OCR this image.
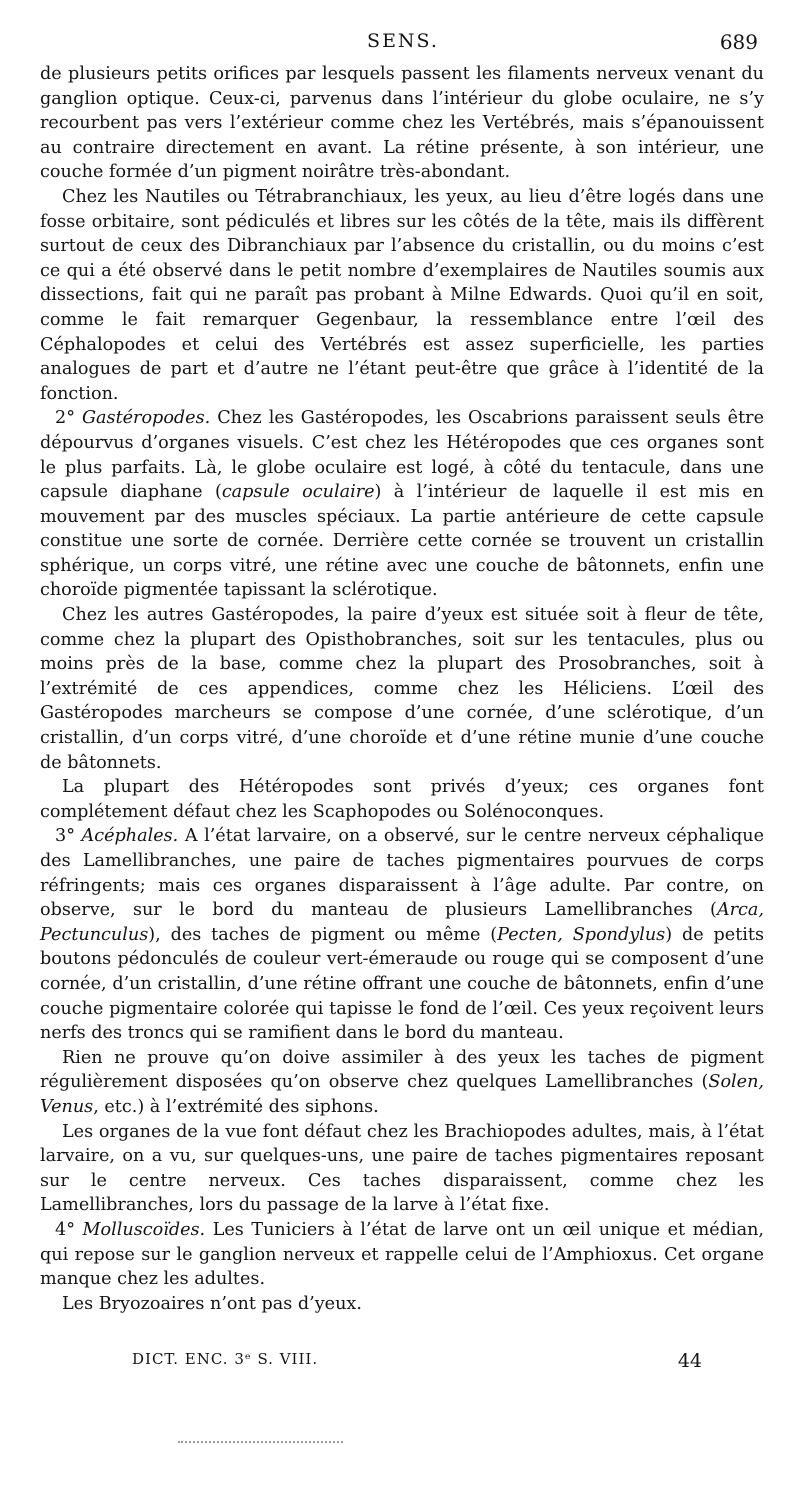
SENS.	689

de plusieurs petits orifices par lesquels passent les filaments nerveux venant du ganglion optique. Ceux-ci, parvenus dans l’intérieur du globe oculaire, ne s’y recourbent pas vers l’extérieur comme chez les Vertébrés, mais s’épanouissent au contraire directement en avant. La rétine présente, à son intérieur, une couche formée d’un pigment noirâtre très-abondant.

Chez les Nautiles ou Tétrabranchiaux, les yeux, au lieu d’être logés dans une fosse orbitaire, sont pédiculés et libres sur les côtés de la tête, mais ils diffèrent surtout de ceux des Dibranchiaux par l’absence du cristallin, ou du moins c’est ce qui a été observé dans le petit nombre d’exemplaires de Nautiles soumis aux dissections, fait qui ne paraît pas probant à Milne Edwards. Quoi qu’il en soit, comme le fait remarquer Gegenbaur, la ressemblance entre l’œil des Céphalopodes et celui des Vertébrés est assez superficielle, les parties analogues de part et d’autre ne l’étant peut-être que grâce à l’identité de la fonction.

2° Gastéropodes. Chez les Gastéropodes, les Oscabrions paraissent seuls être dépourvus d’organes visuels. C’est chez les Hétéropodes que ces organes sont le plus parfaits. Là, le globe oculaire est logé, à côté du tentacule, dans une capsule diaphane (capsule oculaire) à l’intérieur de laquelle il est mis en mouvement par des muscles spéciaux. La partie antérieure de cette capsule constitue une sorte de cornée. Derrière cette cornée se trouvent un cristallin sphérique, un corps vitré, une rétine avec une couche de bâtonnets, enfin une choroïde pigmentée tapissant la sclérotique.

Chez les autres Gastéropodes, la paire d’yeux est située soit à fleur de tête, comme chez la plupart des Opisthobranches, soit sur les tentacules, plus ou moins près de la base, comme chez la plupart des Prosobranches, soit à l’extrémité de ces appendices, comme chez les Héliciens. L’œil des Gastéropodes marcheurs se compose d’une cornée, d’une sclérotique, d’un cristallin, d’un corps vitré, d’une choroïde et d’une rétine munie d’une couche de bâtonnets.

La plupart des Hétéropodes sont privés d’yeux; ces organes font complétement défaut chez les Scaphopodes ou Solénoconques.

3° Acéphales. A l’état larvaire, on a observé, sur le centre nerveux céphalique des Lamellibranches, une paire de taches pigmentaires pourvues de corps réfringents; mais ces organes disparaissent à l’âge adulte. Par contre, on observe, sur le bord du manteau de plusieurs Lamellibranches (Arca, Pectunculus), des taches de pigment ou même (Pecten, Spondylus) de petits boutons pédonculés de couleur vert-émeraude ou rouge qui se composent d’une cornée, d’un cristallin, d’une rétine offrant une couche de bâtonnets, enfin d’une couche pigmentaire colorée qui tapisse le fond de l’œil. Ces yeux reçoivent leurs nerfs des troncs qui se ramifient dans le bord du manteau.

Rien ne prouve qu’on doive assimiler à des yeux les taches de pigment régulièrement disposées qu’on observe chez quelques Lamellibranches (Solen, Venus, etc.) à l’extrémité des siphons.

Les organes de la vue font défaut chez les Brachiopodes adultes, mais, à l’état larvaire, on a vu, sur quelques-uns, une paire de taches pigmentaires reposant sur le centre nerveux. Ces taches disparaissent, comme chez les Lamellibranches, lors du passage de la larve à l’état fixe.

4° Molluscoïdes. Les Tuniciers à l’état de larve ont un œil unique et médian, qui repose sur le ganglion nerveux et rappelle celui de l’Amphioxus. Cet organe manque chez les adultes.

Les Bryozoaires n’ont pas d’yeux.

DICT. ENC. 3ᵉ S. VIII.	44
